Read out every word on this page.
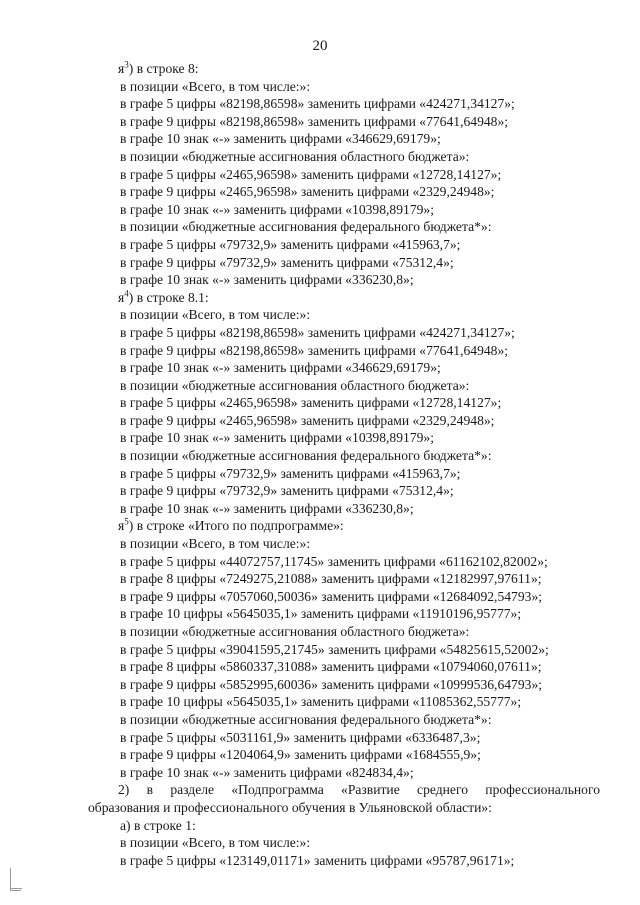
20
$я^3$) в строке 8:
в позиции «Всего, в том числе:»:
в графе 5 цифры «82198,86598» заменить цифрами «424271,34127»;
в графе 9 цифры «82198,86598» заменить цифрами «77641,64948»;
в графе 10 знак «-» заменить цифрами «346629,69179»;
в позиции «бюджетные ассигнования областного бюджета»:
в графе 5 цифры «2465,96598» заменить цифрами «12728,14127»;
в графе 9 цифры «2465,96598» заменить цифрами «2329,24948»;
в графе 10 знак «-» заменить цифрами «10398,89179»;
в позиции «бюджетные ассигнования федерального бюджета*»:
в графе 5 цифры «79732,9» заменить цифрами «415963,7»;
в графе 9 цифры «79732,9» заменить цифрами «75312,4»;
в графе 10 знак «-» заменить цифрами «336230,8»;
$я^4$) в строке 8.1:
в позиции «Всего, в том числе:»:
в графе 5 цифры «82198,86598» заменить цифрами «424271,34127»;
в графе 9 цифры «82198,86598» заменить цифрами «77641,64948»;
в графе 10 знак «-» заменить цифрами «346629,69179»;
в позиции «бюджетные ассигнования областного бюджета»:
в графе 5 цифры «2465,96598» заменить цифрами «12728,14127»;
в графе 9 цифры «2465,96598» заменить цифрами «2329,24948»;
в графе 10 знак «-» заменить цифрами «10398,89179»;
в позиции «бюджетные ассигнования федерального бюджета*»:
в графе 5 цифры «79732,9» заменить цифрами «415963,7»;
в графе 9 цифры «79732,9» заменить цифрами «75312,4»;
в графе 10 знак «-» заменить цифрами «336230,8»;
$я^5$) в строке «Итого по подпрограмме»:
в позиции «Всего, в том числе:»:
в графе 5 цифры «44072757,11745» заменить цифрами «61162102,82002»;
в графе 8 цифры «7249275,21088» заменить цифрами «12182997,97611»;
в графе 9 цифры «7057060,50036» заменить цифрами «12684092,54793»;
в графе 10 цифры «5645035,1» заменить цифрами «11910196,95777»;
в позиции «бюджетные ассигнования областного бюджета»:
в графе 5 цифры «39041595,21745» заменить цифрами «54825615,52002»;
в графе 8 цифры «5860337,31088» заменить цифрами «10794060,07611»;
в графе 9 цифры «5852995,60036» заменить цифрами «10999536,64793»;
в графе 10 цифры «5645035,1» заменить цифрами «11085362,55777»;
в позиции «бюджетные ассигнования федерального бюджета*»:
в графе 5 цифры «5031161,9» заменить цифрами «6336487,3»;
в графе 9 цифры «1204064,9» заменить цифрами «1684555,9»;
в графе 10 знак «-» заменить цифрами «824834,4»;
2) в разделе «Подпрограмма «Развитие среднего профессионального
образования и профессионального обучения в Ульяновской области»:
а) в строке 1:
в позиции «Всего, в том числе:»:
в графе 5 цифры «123149,01171» заменить цифрами «95787,96171»;
